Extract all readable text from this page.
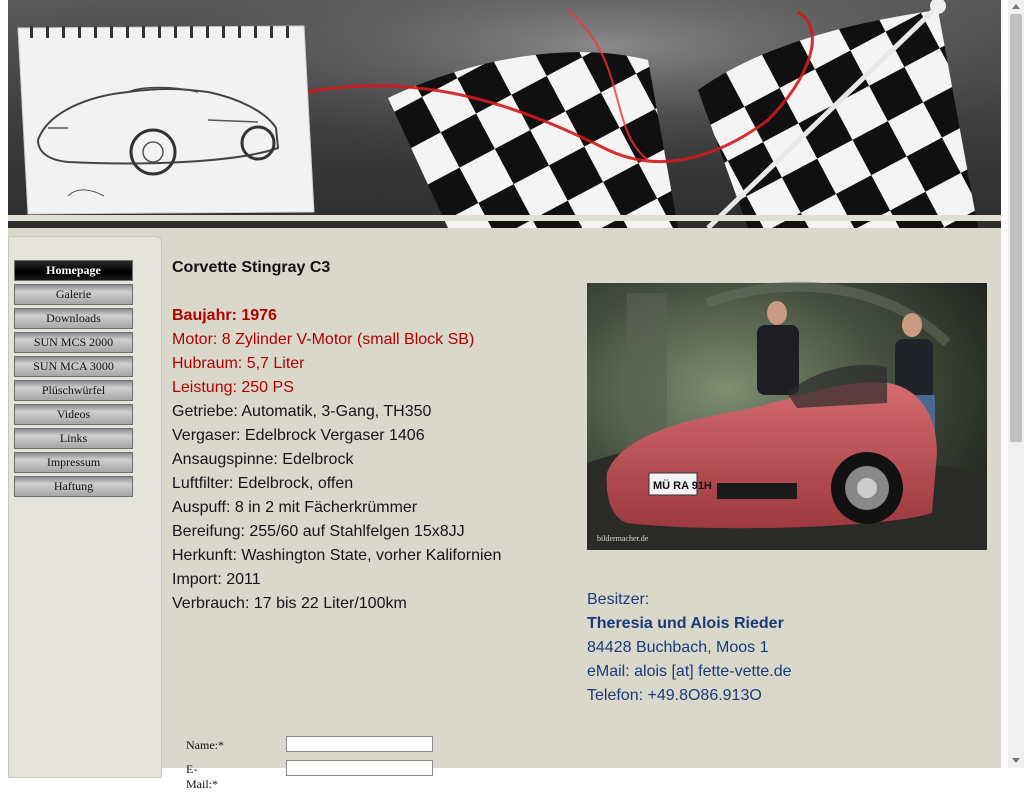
Homepage
Galerie
Downloads
SUN MCS 2000
SUN MCA 3000
Plüschwürfel
Videos
Links
Impressum
Haftung
Corvette Stingray C3
Baujahr: 1976
Motor: 8 Zylinder V-Motor (small Block SB)
Hubraum: 5,7 Liter
Leistung: 250 PS
Getriebe: Automatik, 3-Gang, TH350
Vergaser: Edelbrock Vergaser 1406
Ansaugspinne: Edelbrock
Luftfilter: Edelbrock, offen
Auspuff: 8 in 2 mit Fächerkrümmer
Bereifung: 255/60 auf Stahlfelgen 15x8JJ
Herkunft: Washington State, vorher Kalifornien
Import: 2011
Verbrauch: 17 bis 22 Liter/100km
MÜ RA 91H
bildermacher.de
Besitzer:
Theresia und Alois Rieder
84428 Buchbach, Moos 1
eMail: alois [at] fette-vette.de
Telefon: +49.8O86.913O
Name:*
E-Mail:*
